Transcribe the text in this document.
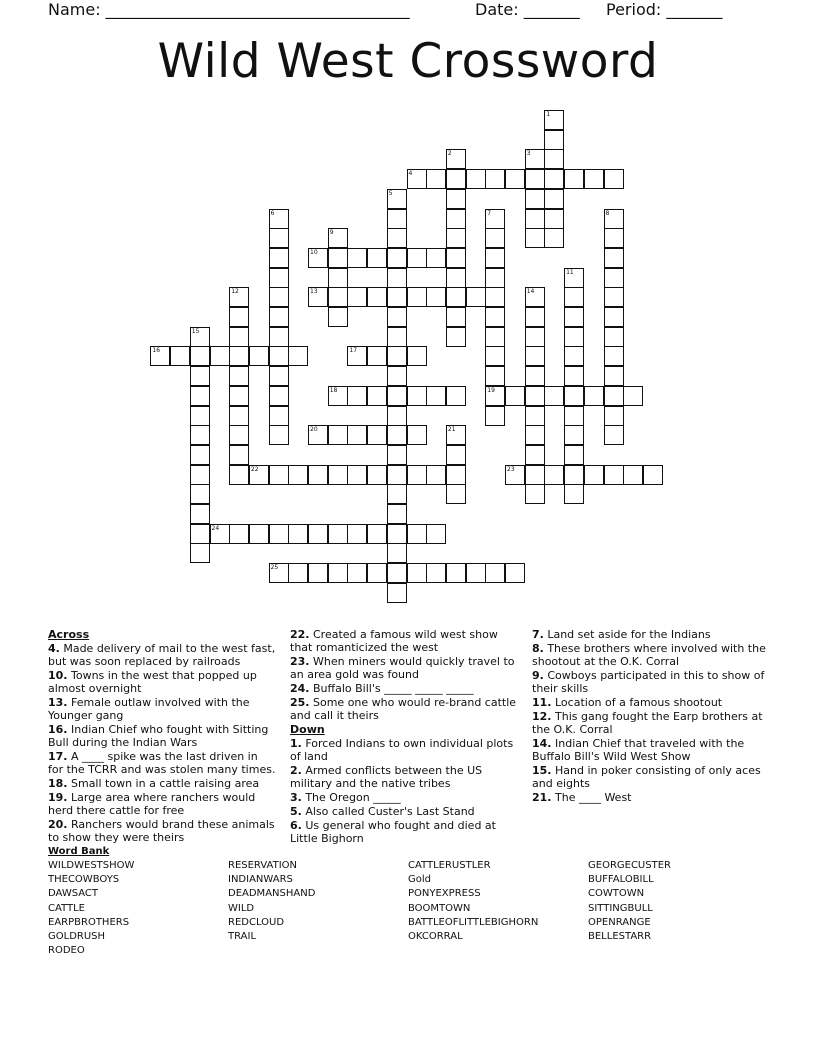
Name: ______________________________________	Date: _______ Period: _______
Wild West Crossword
1
2	3
4
5
6	7
19
8
9
10
11
12	13	14
15
16	17
18
20	21
22	23
24
25
Across
4. Made delivery of mail to the west fast, but was soon replaced by railroads
10. Towns in the west that popped up almost overnight
13. Female outlaw involved with the Younger gang
16. Indian Chief who fought with Sitting Bull during the Indian Wars
17. A ____ spike was the last driven in for the TCRR and was stolen many times.
18. Small town in a cattle raising area
19. Large area where ranchers would herd there cattle for free
20. Ranchers would brand these animals to show they were theirs
22. Created a famous wild west show that romanticized the west
23. When miners would quickly travel to an area gold was found
24. Buffalo Bill's _____ _____ _____
25. Some one who would re-brand cattle and call it theirs
Down
1. Forced Indians to own individual plots of land
2. Armed conflicts between the US military and the native tribes
3. The Oregon _____
5. Also called Custer's Last Stand
6. Us general who fought and died at Little Bighorn
7. Land set aside for the Indians
8. These brothers where involved with the shootout at the O.K. Corral
9. Cowboys participated in this to show of their skills
11. Location of a famous shootout
12. This gang fought the Earp brothers at the O.K. Corral
14. Indian Chief that traveled with the Buffalo Bill's Wild West Show
15. Hand in poker consisting of only aces and eights
21. The ____ West
Word Bank
WILDWESTSHOW
THECOWBOYS
DAWSACT
CATTLE
EARPBROTHERS
GOLDRUSH
RODEO
RESERVATION
INDIANWARS
DEADMANSHAND
WILD
REDCLOUD
TRAIL
CATTLERUSTLER
Gold
PONYEXPRESS
BOOMTOWN
BATTLEOFLITTLEBIGHORN
OKCORRAL
GEORGECUSTER
BUFFALOBILL
COWTOWN
SITTINGBULL
OPENRANGE
BELLESTARR
